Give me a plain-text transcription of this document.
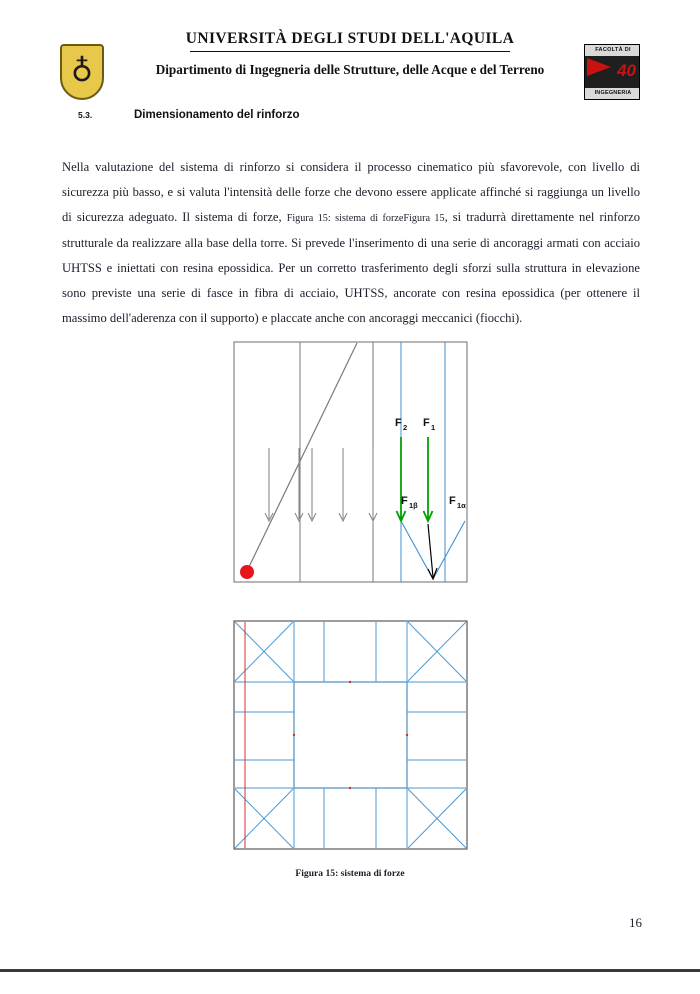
♁
UNIVERSITÀ DEGLI STUDI DELL'AQUILA
Dipartimento di Ingegneria delle Strutture, delle Acque e del Terreno
FACOLTÀ DI
40
INGEGNERIA
5.3.	Dimensionamento del rinforzo

Nella valutazione del sistema di rinforzo si considera il processo cinematico più sfavorevole, con livello di sicurezza più basso, e si valuta l'intensità delle forze che devono essere applicate affinché si raggiunga un livello di sicurezza adeguato. Il sistema di forze, Figura 15: sistema di forzeFigura 15, si tradurrà direttamente nel rinforzo strutturale da realizzare alla base della torre. Si prevede l'inserimento di una serie di ancoraggi armati con acciaio UHTSS e iniettati con resina epossidica. Per un corretto trasferimento degli sforzi sulla struttura in elevazione sono previste una serie di fasce in fibra di acciaio, UHTSS, ancorate con resina epossidica (per ottenere il massimo dell'aderenza con il supporto) e placcate anche con ancoraggi meccanici (fiocchi).

F 2 F 1
F 1β	F 1α
Figura 15: sistema di forze
16
